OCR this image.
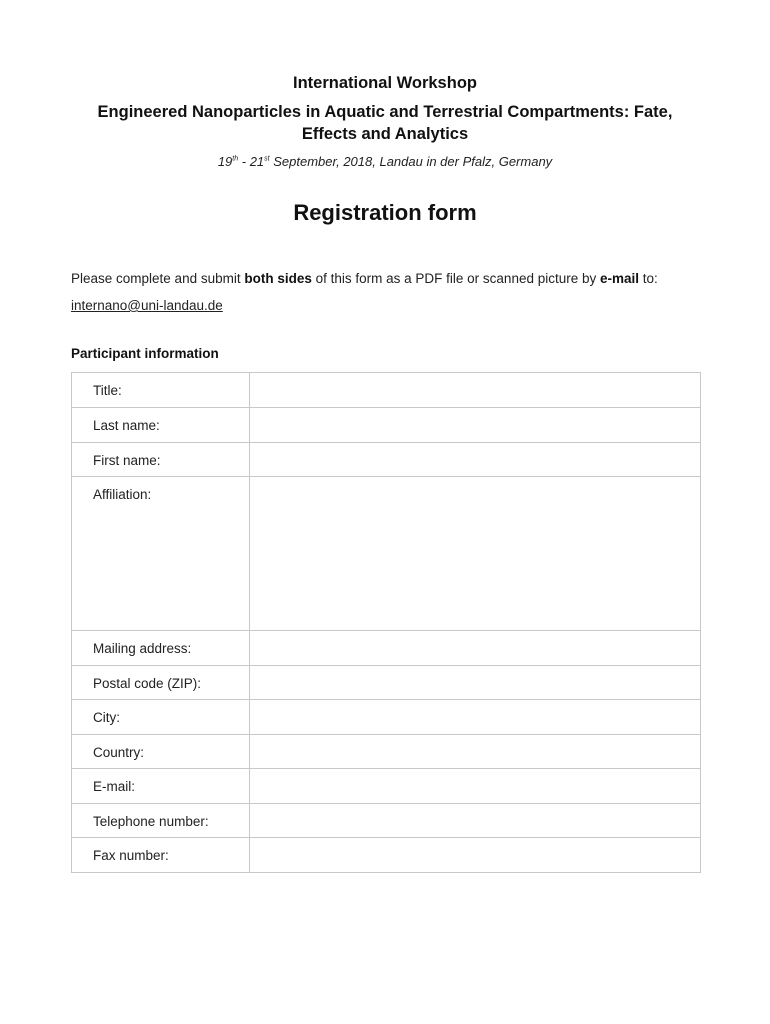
International Workshop
Engineered Nanoparticles in Aquatic and Terrestrial Compartments: Fate,
Effects and Analytics
19th - 21st September, 2018, Landau in der Pfalz, Germany
Registration form
Please complete and submit both sides of this form as a PDF file or scanned picture by e-mail to:
internano@uni-landau.de
Participant information
Title:	

Last name:	

First name:	

Affiliation:	

Mailing address:	

Postal code (ZIP):	

City:	

Country:	

E-mail:	

Telephone number:	

Fax number:	
